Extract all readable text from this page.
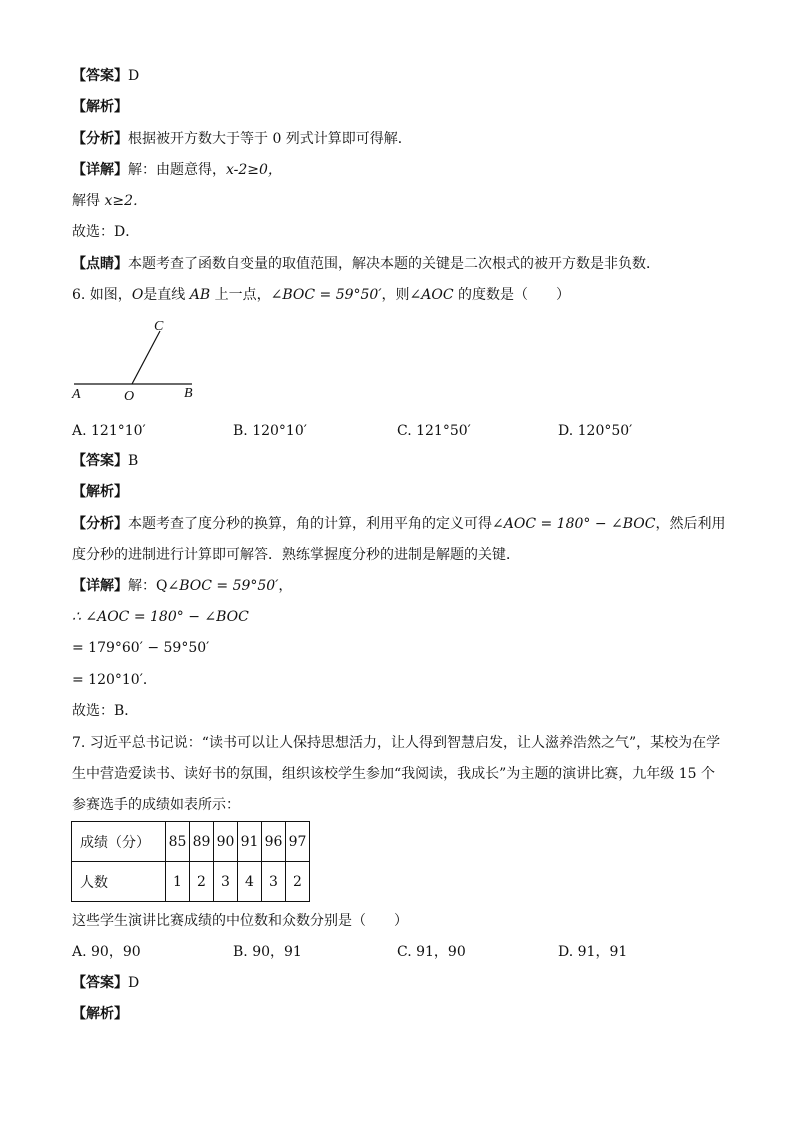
【答案】D
【解析】
【分析】根据被开方数大于等于 0 列式计算即可得解．
【详解】解：由题意得，x-2≥0，
解得 x≥2．
故选：D．
【点睛】本题考查了函数自变量的取值范围，解决本题的关键是二次根式的被开方数是非负数．
6. 如图，O是直线 AB 上一点，∠BOC = 59°50′，则∠AOC 的度数是（　　）
C
A	O	B
A. 121°10′	B. 120°10′	C. 121°50′	D. 120°50′
【答案】B
【解析】
【分析】本题考查了度分秒的换算，角的计算，利用平角的定义可得∠AOC = 180° − ∠BOC，然后利用
度分秒的进制进行计算即可解答．熟练掌握度分秒的进制是解题的关键．
【详解】解：Q∠BOC = 59°50′，
∴ ∠AOC = 180° − ∠BOC
= 179°60′ − 59°50′
= 120°10′．
故选：B．
7. 习近平总书记说：“读书可以让人保持思想活力，让人得到智慧启发，让人滋养浩然之气”，某校为在学
生中营造爱读书、读好书的氛围，组织该校学生参加“我阅读，我成长”为主题的演讲比赛，九年级 15 个
参赛选手的成绩如表所示：
成绩（分）	85	89	90	91	96	97
人数	1	2	3	4	3	2
这些学生演讲比赛成绩的中位数和众数分别是（　　）
A. 90，90	B. 90，91	C. 91，90	D. 91，91
【答案】D
【解析】
